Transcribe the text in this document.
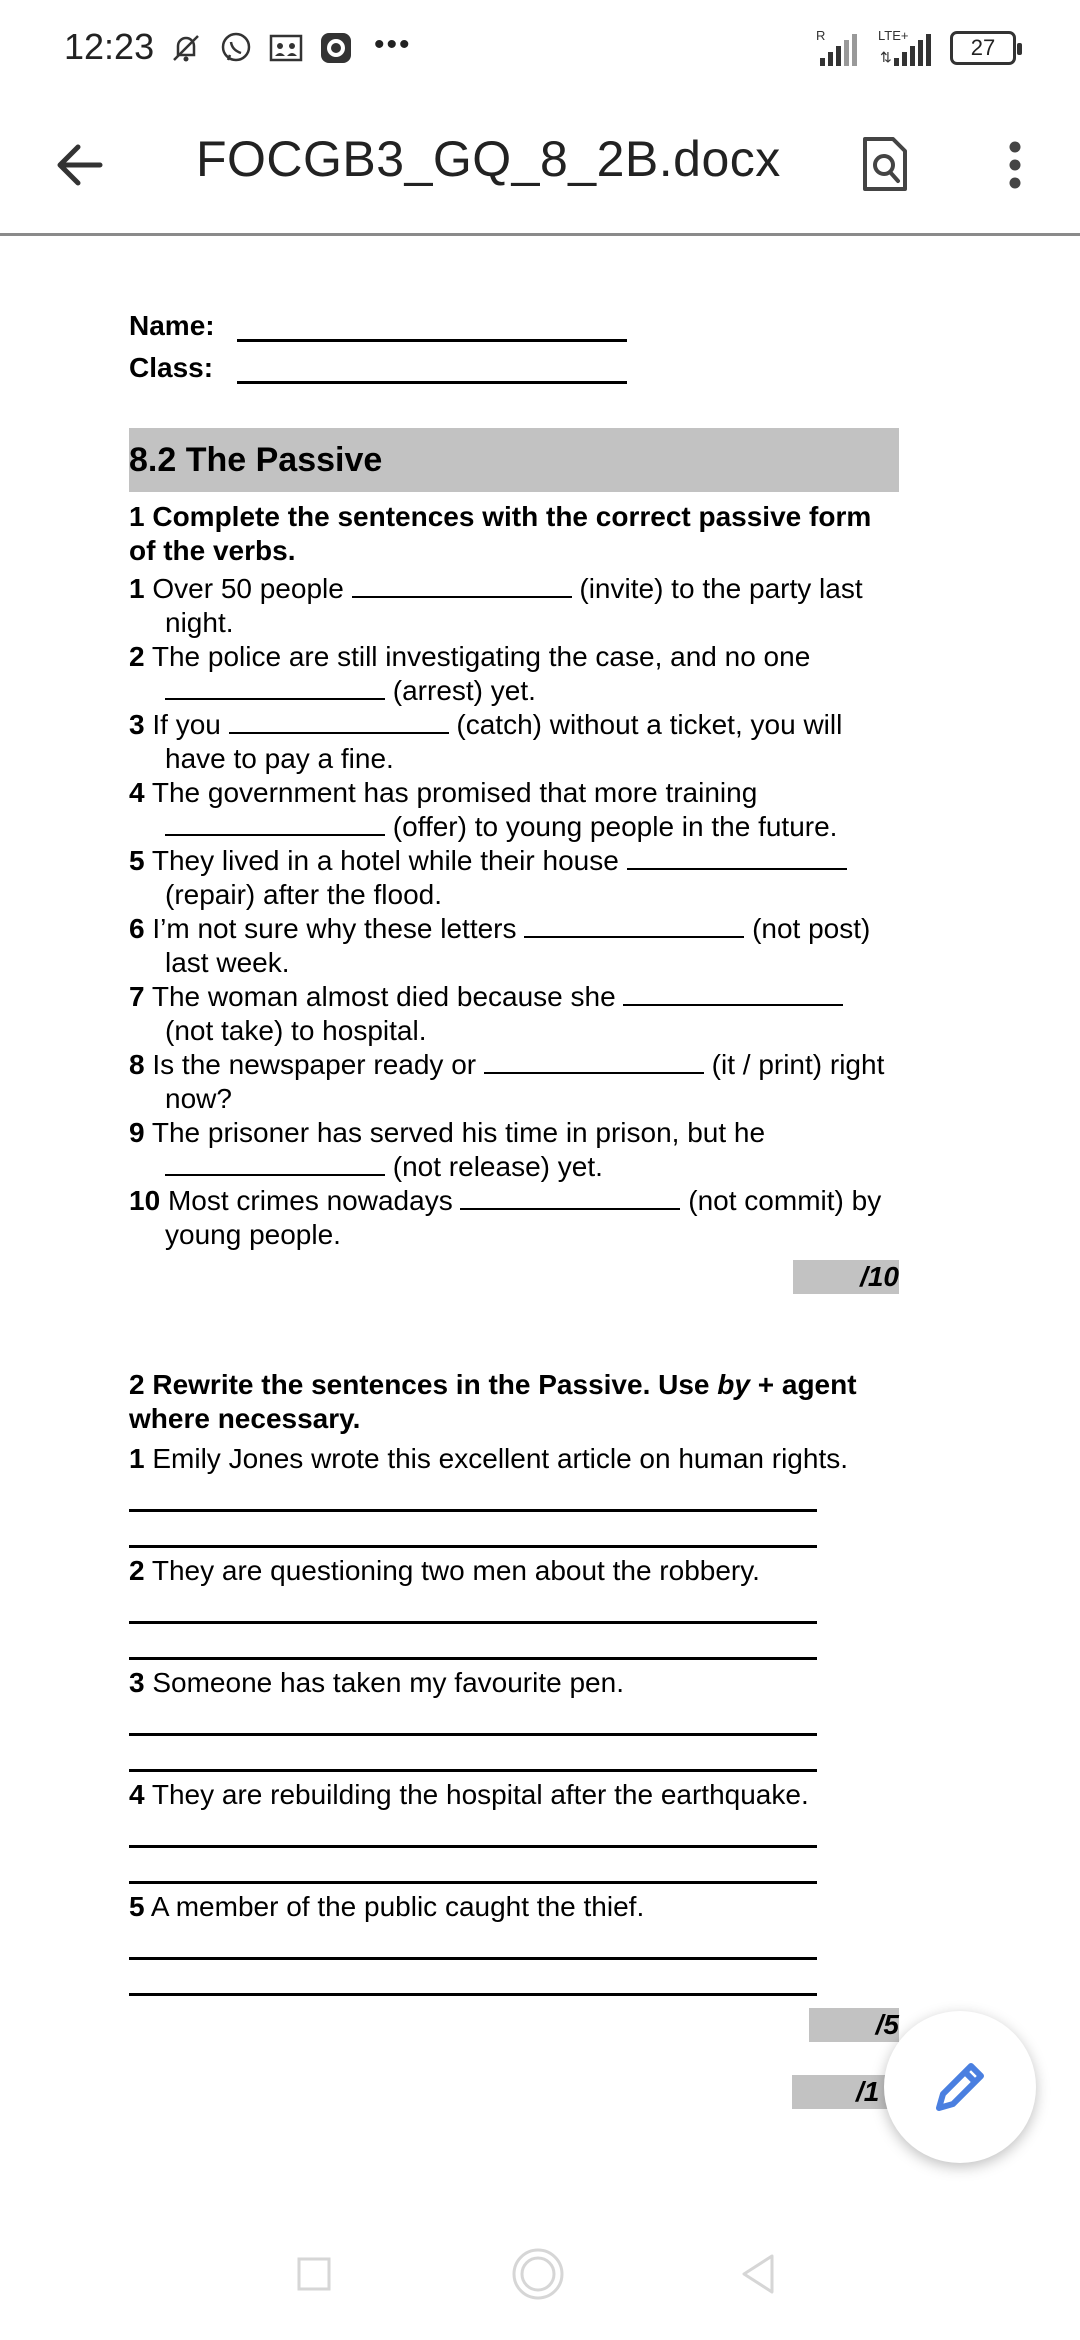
12:23	•••	R	LTE+
⇅	27
FOCGB3_GQ_8_2B.docx
Name:
Class:
8.2 The Passive
1 Complete the sentences with the correct passive form of the verbs.
1 Over 50 people	(invite) to the party last night.
2 The police are still investigating the case, and no one  (arrest) yet.
3 If you	(catch) without a ticket, you will have to pay a fine.
4 The government has promised that more training  (offer) to young people in the future.
5 They lived in a hotel while their house  (repair) after the flood.
6 I’m not sure why these letters	(not post) last week.
7 The woman almost died because she  (not take) to hospital.
8 Is the newspaper ready or	(it / print) right now?
9 The prisoner has served his time in prison, but he  (not release) yet.
10 Most crimes nowadays	(not commit) by young people.
/10
2 Rewrite the sentences in the Passive. Use by + agent where necessary.
1 Emily Jones wrote this excellent article on human rights.
2 They are questioning two men about the robbery.
3 Someone has taken my favourite pen.
4 They are rebuilding the hospital after the earthquake.
5 A member of the public caught the thief.
/5
/1
